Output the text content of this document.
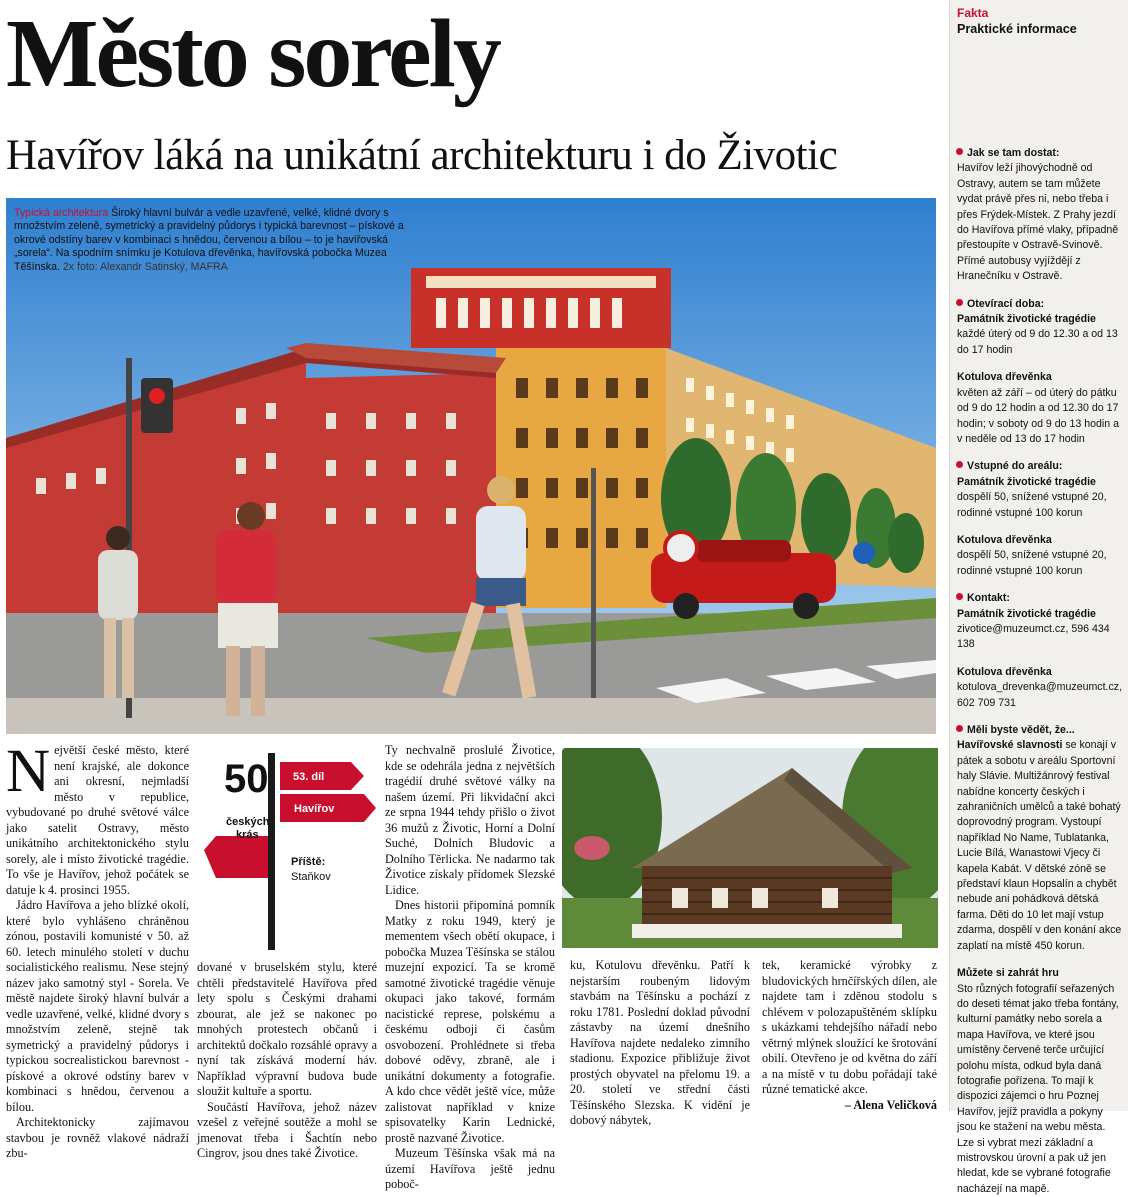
Město sorely
Havířov láká na unikátní architekturu i do Životic
Typická architektura Široký hlavní bulvár a vedle uzavřené, velké, klidné dvory s množstvím zeleně, symetrický a pravidelný půdorys i typická barevnost – pískové a okrové odstíny barev v kombinaci s hnědou, červenou a bílou – to je havířovská „sorela“. Na spodním snímku je Kotulova dřevěnka, havířovská pobočka Muzea Těšínska. 2x foto: Alexandr Satinský, MAFRA
N ejvětší české město, které není krajské, ale dokonce ani okresní, nejmladší město v republice, vybudované po druhé světové válce jako satelit Ostravy, město unikátního architektonického stylu sorely, ale i místo životické tragédie. To vše je Havířov, jehož počátek se datuje k 4. prosinci 1955.

Jádro Havířova a jeho blízké okolí, které bylo vyhlášeno chráněnou zónou, postavili komunisté v 50. až 60. letech minulého století v duchu socialistického realismu. Nese stejný název jako samotný styl - Sorela. Ve městě najdete široký hlavní bulvár a vedle uzavřené, velké, klidné dvory s množstvím zeleně, stejně tak symetrický a pravidelný půdorys i typickou socrealistickou barevnost - pískové a okrové odstíny barev v kombinaci s hnědou, červenou a bílou.

Architektonicky zajímavou stavbou je rovněž vlakové nádraží zbu-

50
českých
krás
53. díl
Havířov
Příště:
Staňkov

dované v bruselském stylu, které chtěli představitelé Havířova před lety spolu s Českými drahami zbourat, ale jež se nakonec po mnohých protestech občanů i architektů dočkalo rozsáhlé opravy a nyní tak získává moderní háv. Například výpravní budova bude sloužit kultuře a sportu.

Součástí Havířova, jehož název vzešel z veřejné soutěže a mohl se jmenovat třeba i Šachtín nebo Cingrov, jsou dnes také Životice.

Ty nechvalně proslulé Životice, kde se odehrála jedna z největších tragédií druhé světové války na našem území. Při likvidační akci ze srpna 1944 tehdy přišlo o život 36 mužů z Životic, Horní a Dolní Suché, Dolních Bludovic a Dolního Těrlicka. Ne nadarmo tak Životice získaly přídomek Slezské Lidice.

Dnes historii připomíná pomník Matky z roku 1949, který je mementem všech obětí okupace, i pobočka Muzea Těšínska se stálou muzejní expozicí. Ta se kromě samotné životické tragédie věnuje okupaci jako takové, formám nacistické represe, polskému a českému odboji či časům osvobození. Prohlédnete si třeba dobové oděvy, zbraně, ale i unikátní dokumenty a fotografie. A kdo chce vědět ještě více, může zalistovat například v knize spisovatelky Karin Lednické, prostě nazvané Životice.

Muzeum Těšínska však má na území Havířova ještě jednu poboč-

ku, Kotulovu dřevěnku. Patří k nejstarším roubeným lidovým stavbám na Těšínsku a pochází z roku 1781. Poslední doklad původní zástavby na území dnešního Havířova najdete nedaleko zimního stadionu. Expozice přibližuje život prostých obyvatel na přelomu 19. a 20. století ve střední části Těšínského Slezska. K vidění je dobový nábytek,

tek, keramické výrobky z bludovických hrnčířských dílen, ale najdete tam i zděnou stodolu s chlévem v polozapuštěném sklípku s ukázkami tehdejšího nářadí nebo větrný mlýnek sloužící ke šrotování obilí. Otevřeno je od května do září a na místě v tu dobu pořádají také různé tematické akce.

– Alena Veličková

Fakta
Praktické informace
Jak se tam dostat:
Havířov leží jihovýchodně od Ostravy, autem se tam můžete vydat právě přes ni, nebo třeba i přes Frýdek-Místek. Z Prahy jezdí do Havířova přímé vlaky, případně přestoupíte v Ostravě-Svinově. Přímé autobusy vyjíždějí z Hranečníku v Ostravě.
Otevírací doba:
Památník životické tragédie
každé úterý od 9 do 12.30 a od 13 do 17 hodin
Kotulova dřevěnka
květen až září – od úterý do pátku od 9 do 12 hodin a od 12.30 do 17 hodin; v soboty od 9 do 13 hodin a v neděle od 13 do 17 hodin
Vstupné do areálu:
Památník životické tragédie
dospělí 50, snížené vstupné 20, rodinné vstupné 100 korun
Kotulova dřevěnka
dospělí 50, snížené vstupné 20, rodinné vstupné 100 korun
Kontakt:
Památník životické tragédie
zivotice@muzeumct.cz, 596 434 138
Kotulova dřevěnka
kotulova_drevenka@muzeumct.cz, 602 709 731
Měli byste vědět, že...
Havířovské slavnosti se konají v pátek a sobotu v areálu Sportovní haly Slávie. Multižánrový festival nabídne koncerty českých i zahraničních umělců a také bohatý doprovodný program. Vystoupí například No Name, Tublatanka, Lucie Bílá, Wanastowi Vjecy či kapela Kabát. V dětské zóně se představí klaun Hopsalín a chybět nebude ani pohádková dětská farma. Děti do 10 let mají vstup zdarma, dospělí v den konání akce zaplatí na místě 450 korun.
Můžete si zahrát hru
Sto různých fotografií seřazených do deseti témat jako třeba fontány, kulturní památky nebo sorela a mapa Havířova, ve které jsou umístěny červené terče určující polohu místa, odkud byla daná fotografie pořízena. To mají k dispozici zájemci o hru Poznej Havířov, jejíž pravidla a pokyny jsou ke stažení na webu města. Lze si vybrat mezi základní a mistrovskou úrovní a pak už jen hledat, kde se vybrané fotografie nacházejí na mapě.
